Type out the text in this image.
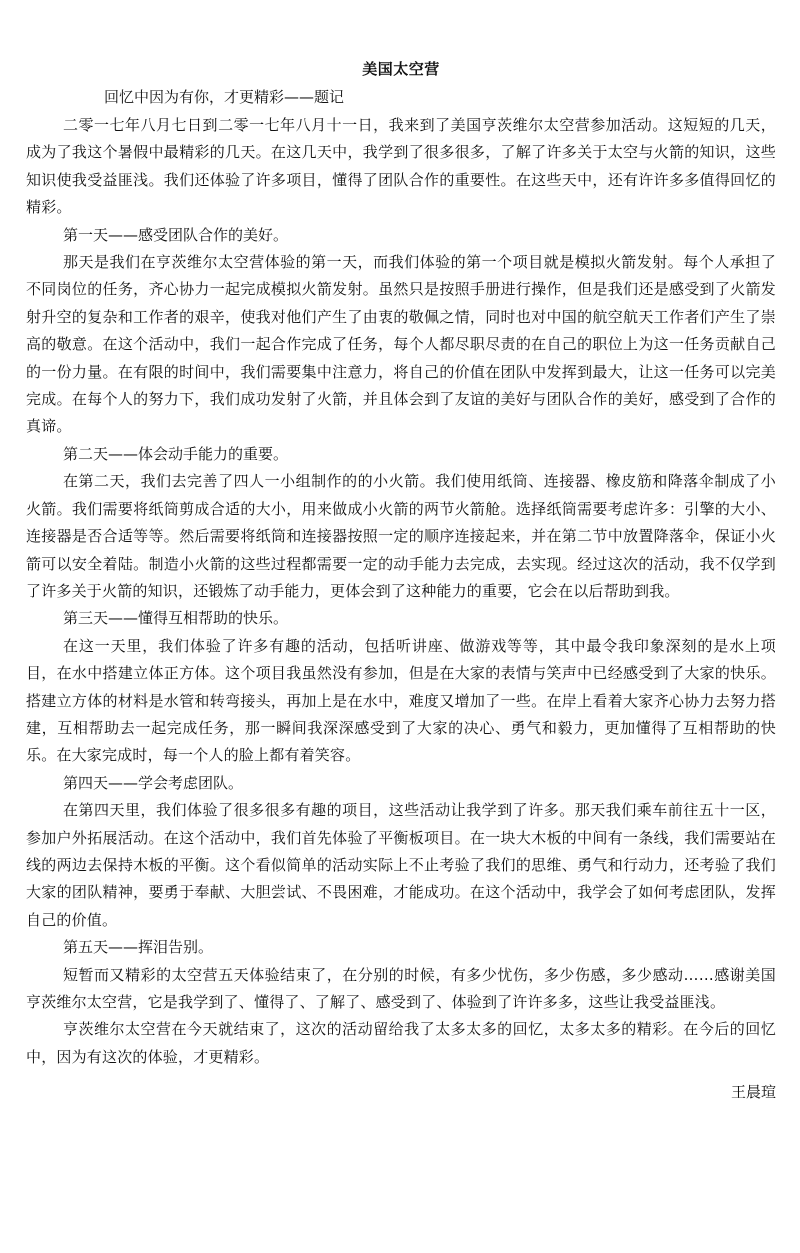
美国太空营

回忆中因为有你，才更精彩——题记

二零一七年八月七日到二零一七年八月十一日，我来到了美国亨茨维尔太空营参加活动。这短短的几天，成为了我这个暑假中最精彩的几天。在这几天中，我学到了很多很多，了解了许多关于太空与火箭的知识，这些知识使我受益匪浅。我们还体验了许多项目，懂得了团队合作的重要性。在这些天中，还有许许多多值得回忆的精彩。

第一天——感受团队合作的美好。

那天是我们在亨茨维尔太空营体验的第一天，而我们体验的第一个项目就是模拟火箭发射。每个人承担了不同岗位的任务，齐心协力一起完成模拟火箭发射。虽然只是按照手册进行操作，但是我们还是感受到了火箭发射升空的复杂和工作者的艰辛，使我对他们产生了由衷的敬佩之情，同时也对中国的航空航天工作者们产生了崇高的敬意。在这个活动中，我们一起合作完成了任务，每个人都尽职尽责的在自己的职位上为这一任务贡献自己的一份力量。在有限的时间中，我们需要集中注意力，将自己的价值在团队中发挥到最大，让这一任务可以完美完成。在每个人的努力下，我们成功发射了火箭，并且体会到了友谊的美好与团队合作的美好，感受到了合作的真谛。

第二天——体会动手能力的重要。

在第二天，我们去完善了四人一小组制作的的小火箭。我们使用纸筒、连接器、橡皮筋和降落伞制成了小火箭。我们需要将纸筒剪成合适的大小，用来做成小火箭的两节火箭舱。选择纸筒需要考虑许多：引擎的大小、连接器是否合适等等。然后需要将纸筒和连接器按照一定的顺序连接起来，并在第二节中放置降落伞，保证小火箭可以安全着陆。制造小火箭的这些过程都需要一定的动手能力去完成，去实现。经过这次的活动，我不仅学到了许多关于火箭的知识，还锻炼了动手能力，更体会到了这种能力的重要，它会在以后帮助到我。

第三天——懂得互相帮助的快乐。

在这一天里，我们体验了许多有趣的活动，包括听讲座、做游戏等等，其中最令我印象深刻的是水上项目，在水中搭建立体正方体。这个项目我虽然没有参加，但是在大家的表情与笑声中已经感受到了大家的快乐。搭建立方体的材料是水管和转弯接头，再加上是在水中，难度又增加了一些。在岸上看着大家齐心协力去努力搭建，互相帮助去一起完成任务，那一瞬间我深深感受到了大家的决心、勇气和毅力，更加懂得了互相帮助的快乐。在大家完成时，每一个人的脸上都有着笑容。

第四天——学会考虑团队。

在第四天里，我们体验了很多很多有趣的项目，这些活动让我学到了许多。那天我们乘车前往五十一区，参加户外拓展活动。在这个活动中，我们首先体验了平衡板项目。在一块大木板的中间有一条线，我们需要站在线的两边去保持木板的平衡。这个看似简单的活动实际上不止考验了我们的思维、勇气和行动力，还考验了我们大家的团队精神，要勇于奉献、大胆尝试、不畏困难，才能成功。在这个活动中，我学会了如何考虑团队，发挥自己的价值。

第五天——挥泪告别。

短暂而又精彩的太空营五天体验结束了，在分别的时候，有多少忧伤，多少伤感，多少感动……感谢美国亨茨维尔太空营，它是我学到了、懂得了、了解了、感受到了、体验到了许许多多，这些让我受益匪浅。

亨茨维尔太空营在今天就结束了，这次的活动留给我了太多太多的回忆，太多太多的精彩。在今后的回忆中，因为有这次的体验，才更精彩。

王晨瑄
